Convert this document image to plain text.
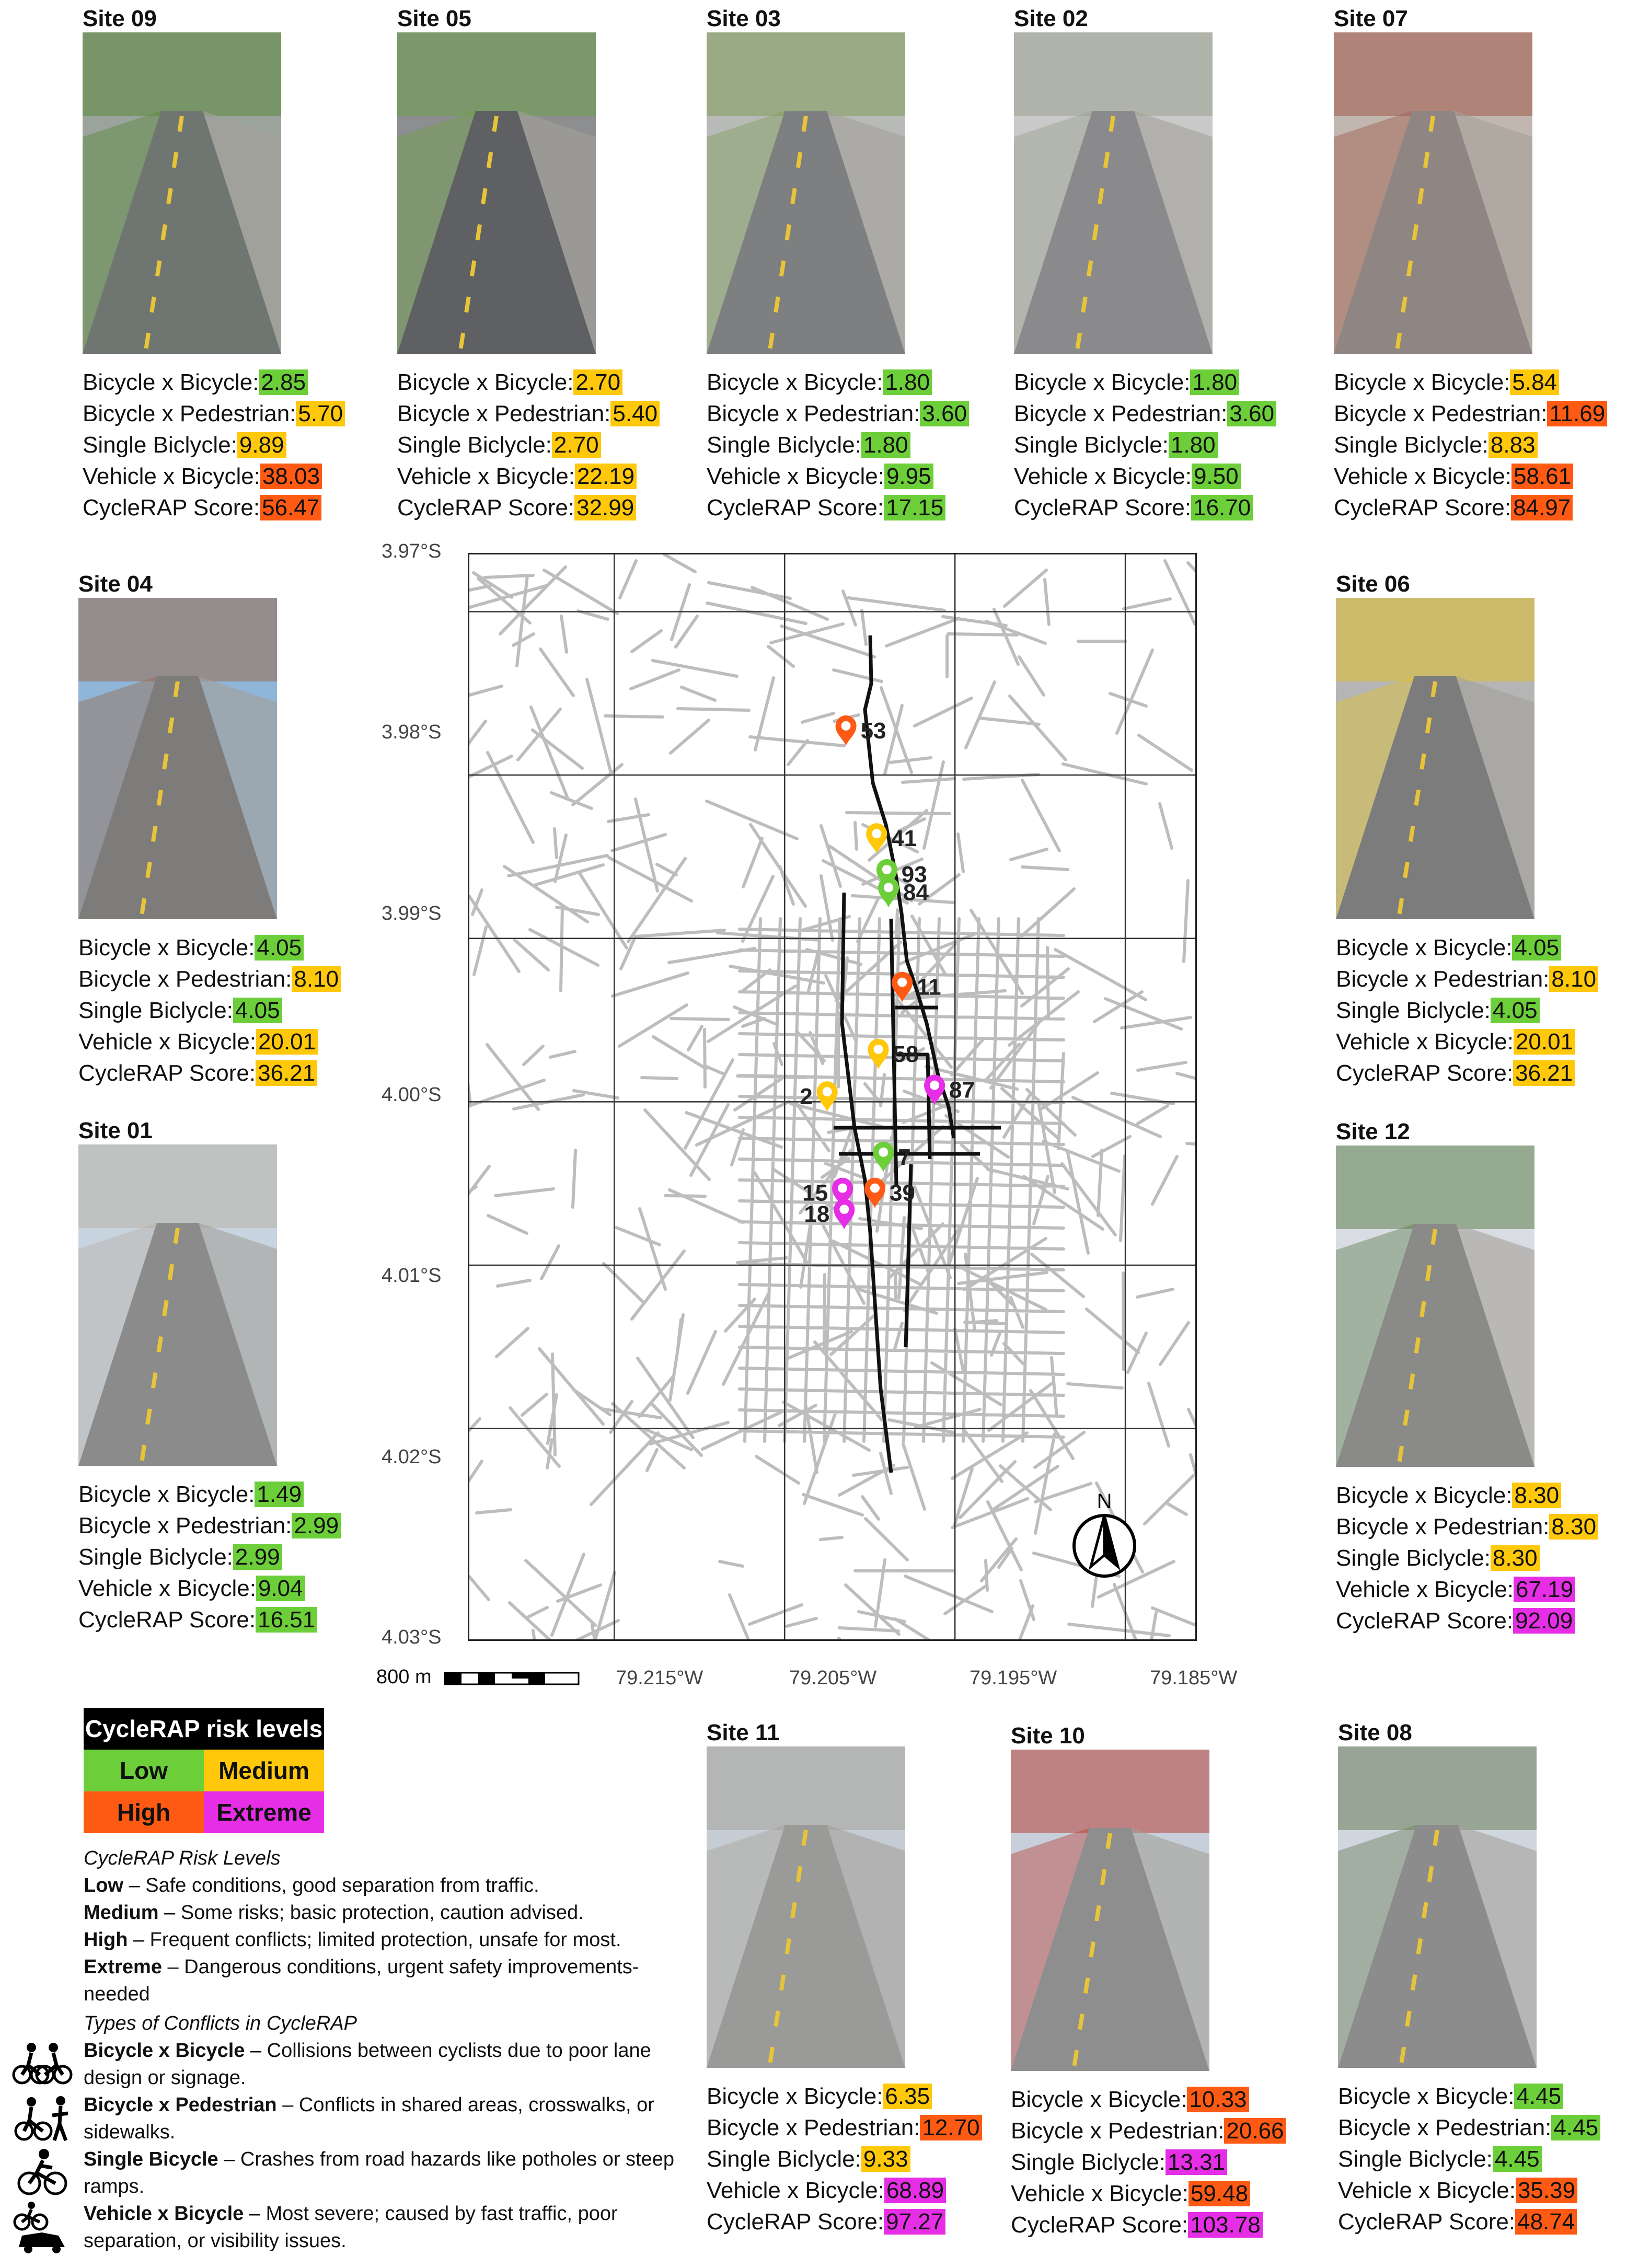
Site 09
Bicycle x Bicycle:2.85
Bicycle x Pedestrian:5.70
Single Biclycle:9.89
Vehicle x Bicycle:38.03
CycleRAP Score:56.47
Site 05
Bicycle x Bicycle:2.70
Bicycle x Pedestrian:5.40
Single Biclycle:2.70
Vehicle x Bicycle:22.19
CycleRAP Score:32.99
Site 03
Bicycle x Bicycle:1.80
Bicycle x Pedestrian:3.60
Single Biclycle:1.80
Vehicle x Bicycle:9.95
CycleRAP Score:17.15
Site 02
Bicycle x Bicycle:1.80
Bicycle x Pedestrian:3.60
Single Biclycle:1.80
Vehicle x Bicycle:9.50
CycleRAP Score:16.70
Site 07
Bicycle x Bicycle:5.84
Bicycle x Pedestrian:11.69
Single Biclycle:8.83
Vehicle x Bicycle:58.61
CycleRAP Score:84.97
Site 04
Bicycle x Bicycle:4.05
Bicycle x Pedestrian:8.10
Single Biclycle:4.05
Vehicle x Bicycle:20.01
CycleRAP Score:36.21
Site 06
Bicycle x Bicycle:4.05
Bicycle x Pedestrian:8.10
Single Biclycle:4.05
Vehicle x Bicycle:20.01
CycleRAP Score:36.21
Site 01
Bicycle x Bicycle:1.49
Bicycle x Pedestrian:2.99
Single Biclycle:2.99
Vehicle x Bicycle:9.04
CycleRAP Score:16.51
Site 12
Bicycle x Bicycle:8.30
Bicycle x Pedestrian:8.30
Single Biclycle:8.30
Vehicle x Bicycle:67.19
CycleRAP Score:92.09
Site 11
Bicycle x Bicycle:6.35
Bicycle x Pedestrian:12.70
Single Biclycle:9.33
Vehicle x Bicycle:68.89
CycleRAP Score:97.27
Site 10
Bicycle x Bicycle:10.33
Bicycle x Pedestrian:20.66
Single Biclycle:13.31
Vehicle x Bicycle:59.48
CycleRAP Score:103.78
Site 08
Bicycle x Bicycle:4.45
Bicycle x Pedestrian:4.45
Single Biclycle:4.45
Vehicle x Bicycle:35.39
CycleRAP Score:48.74
3.97°S
3.98°S
3.99°S
4.00°S
4.01°S
4.02°S
4.03°S
79.215°W	79.205°W	79.195°W	79.185°W
800 m
53
41
93
84
11
58
87
2
7
15	39
18
N
CycleRAP risk levels
Low	Medium
High	Extreme
CycleRAP Risk Levels
Low – Safe conditions, good separation from traffic.
Medium – Some risks; basic protection, caution advised.
High – Frequent conflicts; limited protection, unsafe for most.
Extreme – Dangerous conditions, urgent safety improvements-needed
Types of Conflicts in CycleRAP
Bicycle x Bicycle – Collisions between cyclists due to poor lane design or signage.
Bicycle x Pedestrian – Conflicts in shared areas, crosswalks, or sidewalks.
Single Bicycle – Crashes from road hazards like potholes or steep ramps.
Vehicle x Bicycle – Most severe; caused by fast traffic, poor separation, or visibility issues.
